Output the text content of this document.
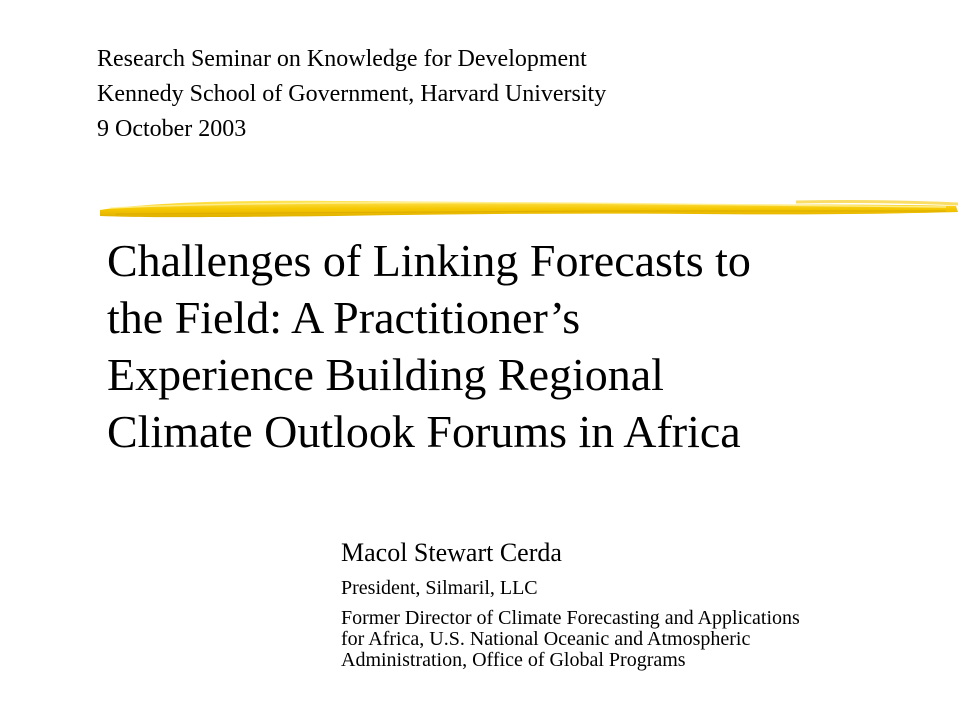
Research Seminar on Knowledge for Development
Kennedy School of Government, Harvard University
9 October 2003
Challenges of Linking Forecasts to
the Field: A Practitioner’s
Experience Building Regional
Climate Outlook Forums in Africa
Macol Stewart Cerda
President, Silmaril, LLC
Former Director of Climate Forecasting and Applications
for Africa, U.S. National Oceanic and Atmospheric
Administration, Office of Global Programs
